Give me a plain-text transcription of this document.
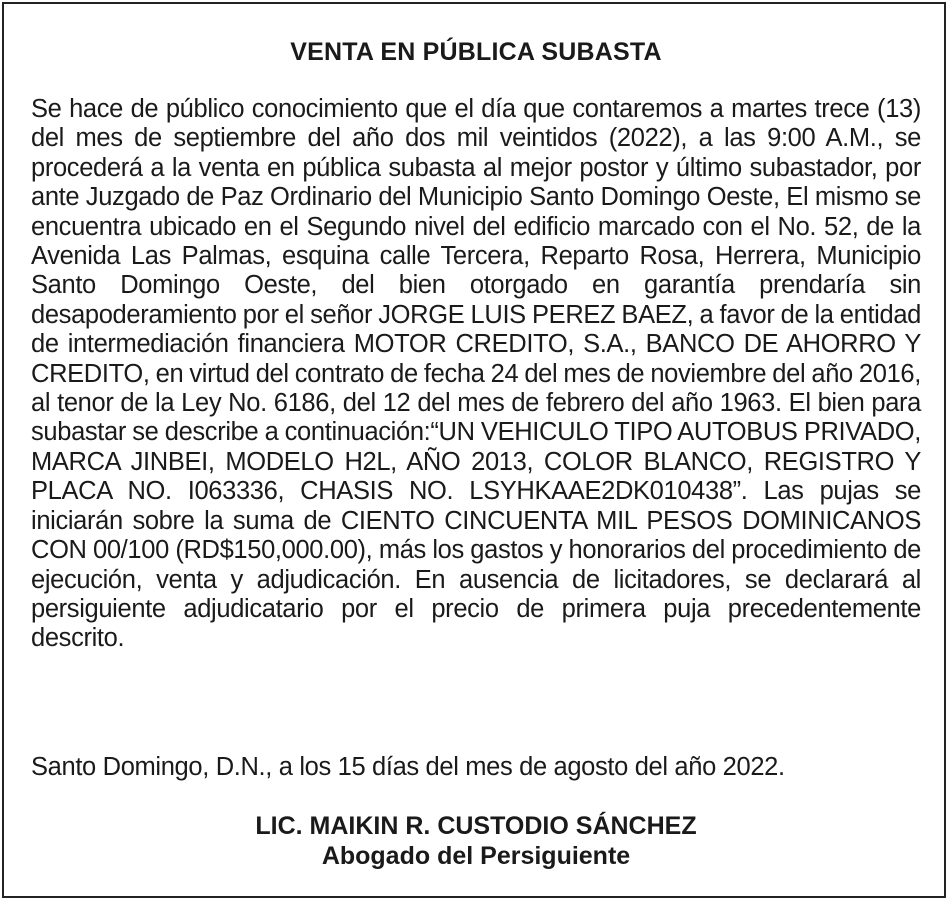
VENTA EN PÚBLICA SUBASTA

Se hace de público conocimiento que el día que contaremos a martes trece (13) del mes de septiembre del año dos mil veintidos (2022), a las 9:00 A.M., se procederá a la venta en pública subasta al mejor postor y último subastador, por ante Juzgado de Paz Ordinario del Municipio Santo Domingo Oeste, El mismo se encuentra ubicado en el Segundo nivel del edificio marcado con el No. 52, de la Avenida Las Palmas, esquina calle Tercera, Reparto Rosa, Herrera, Municipio Santo Domingo Oeste, del bien otorgado en garantía prendaría sin desapoderamiento por el señor JORGE LUIS PEREZ BAEZ, a favor de la entidad de intermediación financiera MOTOR CREDITO, S.A., BANCO DE AHORRO Y CREDITO, en virtud del contrato de fecha 24 del mes de noviembre del año 2016, al tenor de la Ley No. 6186, del 12 del mes de febrero del año 1963. El bien para subastar se describe a continuación:“UN VEHICULO TIPO AUTOBUS PRIVADO, MARCA JINBEI, MODELO H2L, AÑO 2013, COLOR BLANCO, REGISTRO Y PLACA NO. I063336, CHASIS NO. LSYHKAAE2DK010438”. Las pujas se iniciarán sobre la suma de CIENTO CINCUENTA MIL PESOS DOMINICANOS CON 00/100 (RD$150,000.00), más los gastos y honorarios del procedimiento de ejecución, venta y adjudicación. En ausencia de licitadores, se declarará al persiguiente adjudicatario por el precio de primera puja precedentemente descrito.

Santo Domingo, D.N., a los 15 días del mes de agosto del año 2022.

LIC. MAIKIN R. CUSTODIO SÁNCHEZ
Abogado del Persiguiente
